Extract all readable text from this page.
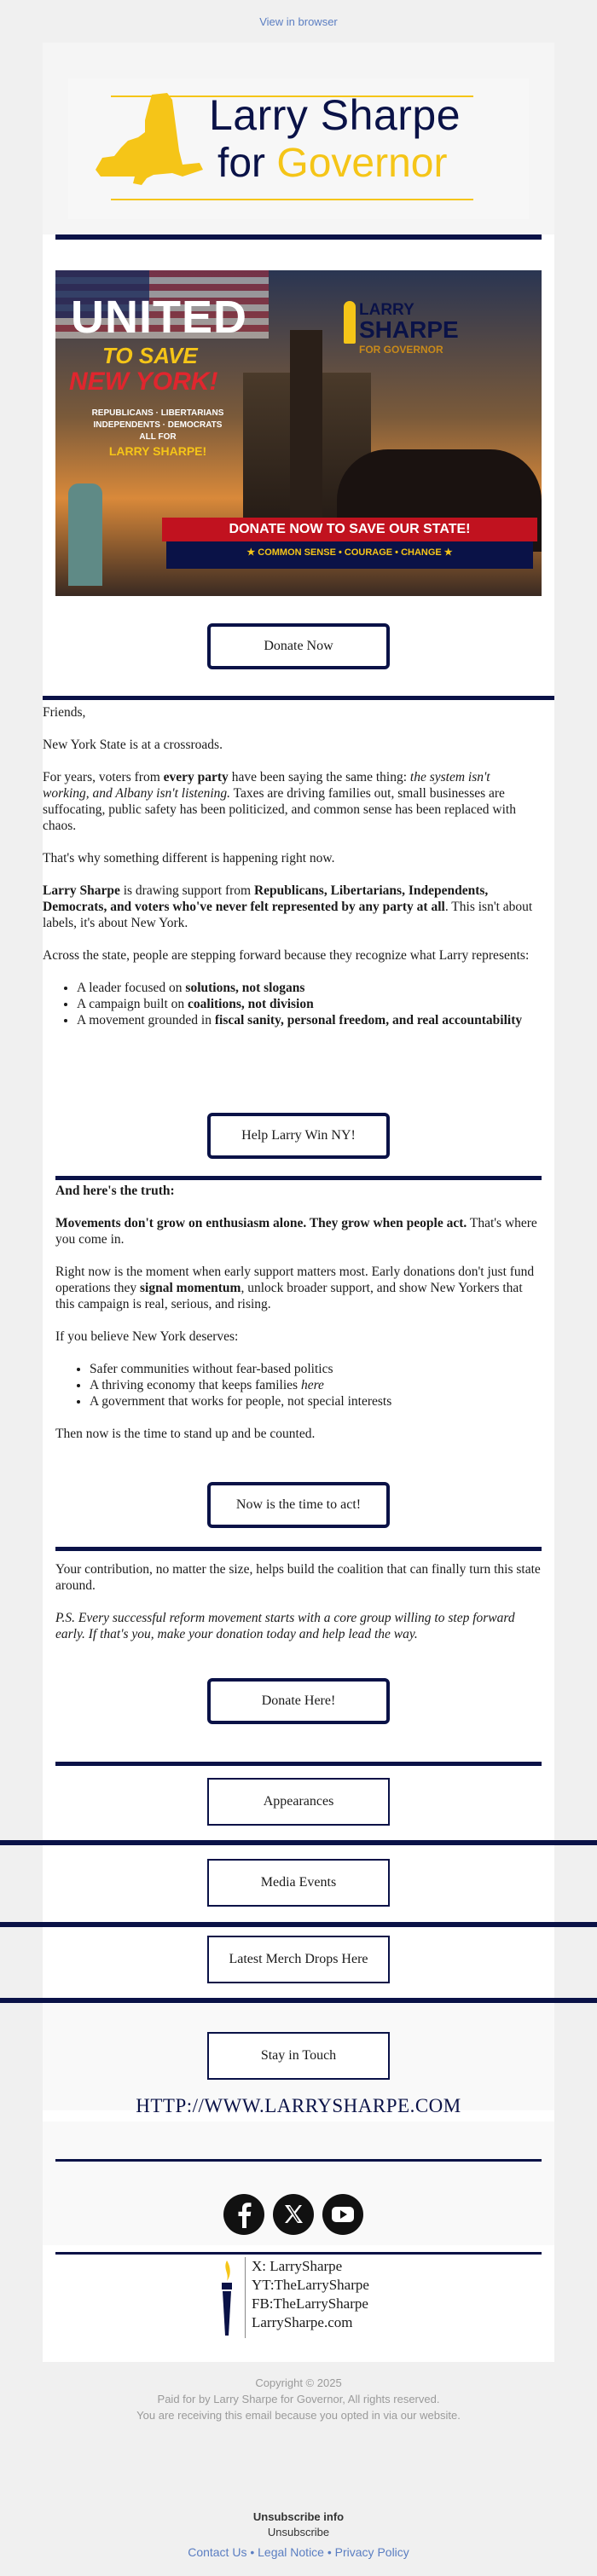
View in browser
Larry Sharpe
for Governor
UNITED
TO SAVE
NEW YORK!
REPUBLICANS · LIBERTARIANS
INDEPENDENTS · DEMOCRATS
ALL FOR
LARRY SHARPE!
LARRY
SHARPE
FOR GOVERNOR
DONATE NOW TO SAVE OUR STATE!
★ COMMON SENSE • COURAGE • CHANGE ★
Donate Now

Friends,

New York State is at a crossroads.

For years, voters from every party have been saying the same thing: the system isn't working, and Albany isn't listening. Taxes are driving families out, small businesses are suffocating, public safety has been politicized, and common sense has been replaced with chaos.

That's why something different is happening right now.

Larry Sharpe is drawing support from Republicans, Libertarians, Independents, Democrats, and voters who've never felt represented by any party at all. This isn't about labels, it's about New York.

Across the state, people are stepping forward because they recognize what Larry represents:

• A leader focused on solutions, not slogans
• A campaign built on coalitions, not division
• A movement grounded in fiscal sanity, personal freedom, and real accountability
Help Larry Win NY!

And here's the truth:

Movements don't grow on enthusiasm alone. They grow when people act. That's where you come in.

Right now is the moment when early support matters most. Early donations don't just fund operations they signal momentum, unlock broader support, and show New Yorkers that this campaign is real, serious, and rising.

If you believe New York deserves:

• Safer communities without fear-based politics
• A thriving economy that keeps families here
• A government that works for people, not special interests

Then now is the time to stand up and be counted.

Now is the time to act!

Your contribution, no matter the size, helps build the coalition that can finally turn this state around.

P.S. Every successful reform movement starts with a core group willing to step forward early. If that's you, make your donation today and help lead the way.

Donate Here!
Appearances
Media Events
Latest Merch Drops Here
Stay in Touch
HTTP://WWW.LARRYSHARPE.COM
X: LarrySharpe
YT:TheLarrySharpe
FB:TheLarrySharpe
LarrySharpe.com
Copyright © 2025
Paid for by Larry Sharpe for Governor, All rights reserved.
You are receiving this email because you opted in via our website.
Unsubscribe info
Unsubscribe
Contact Us • Legal Notice • Privacy Policy
